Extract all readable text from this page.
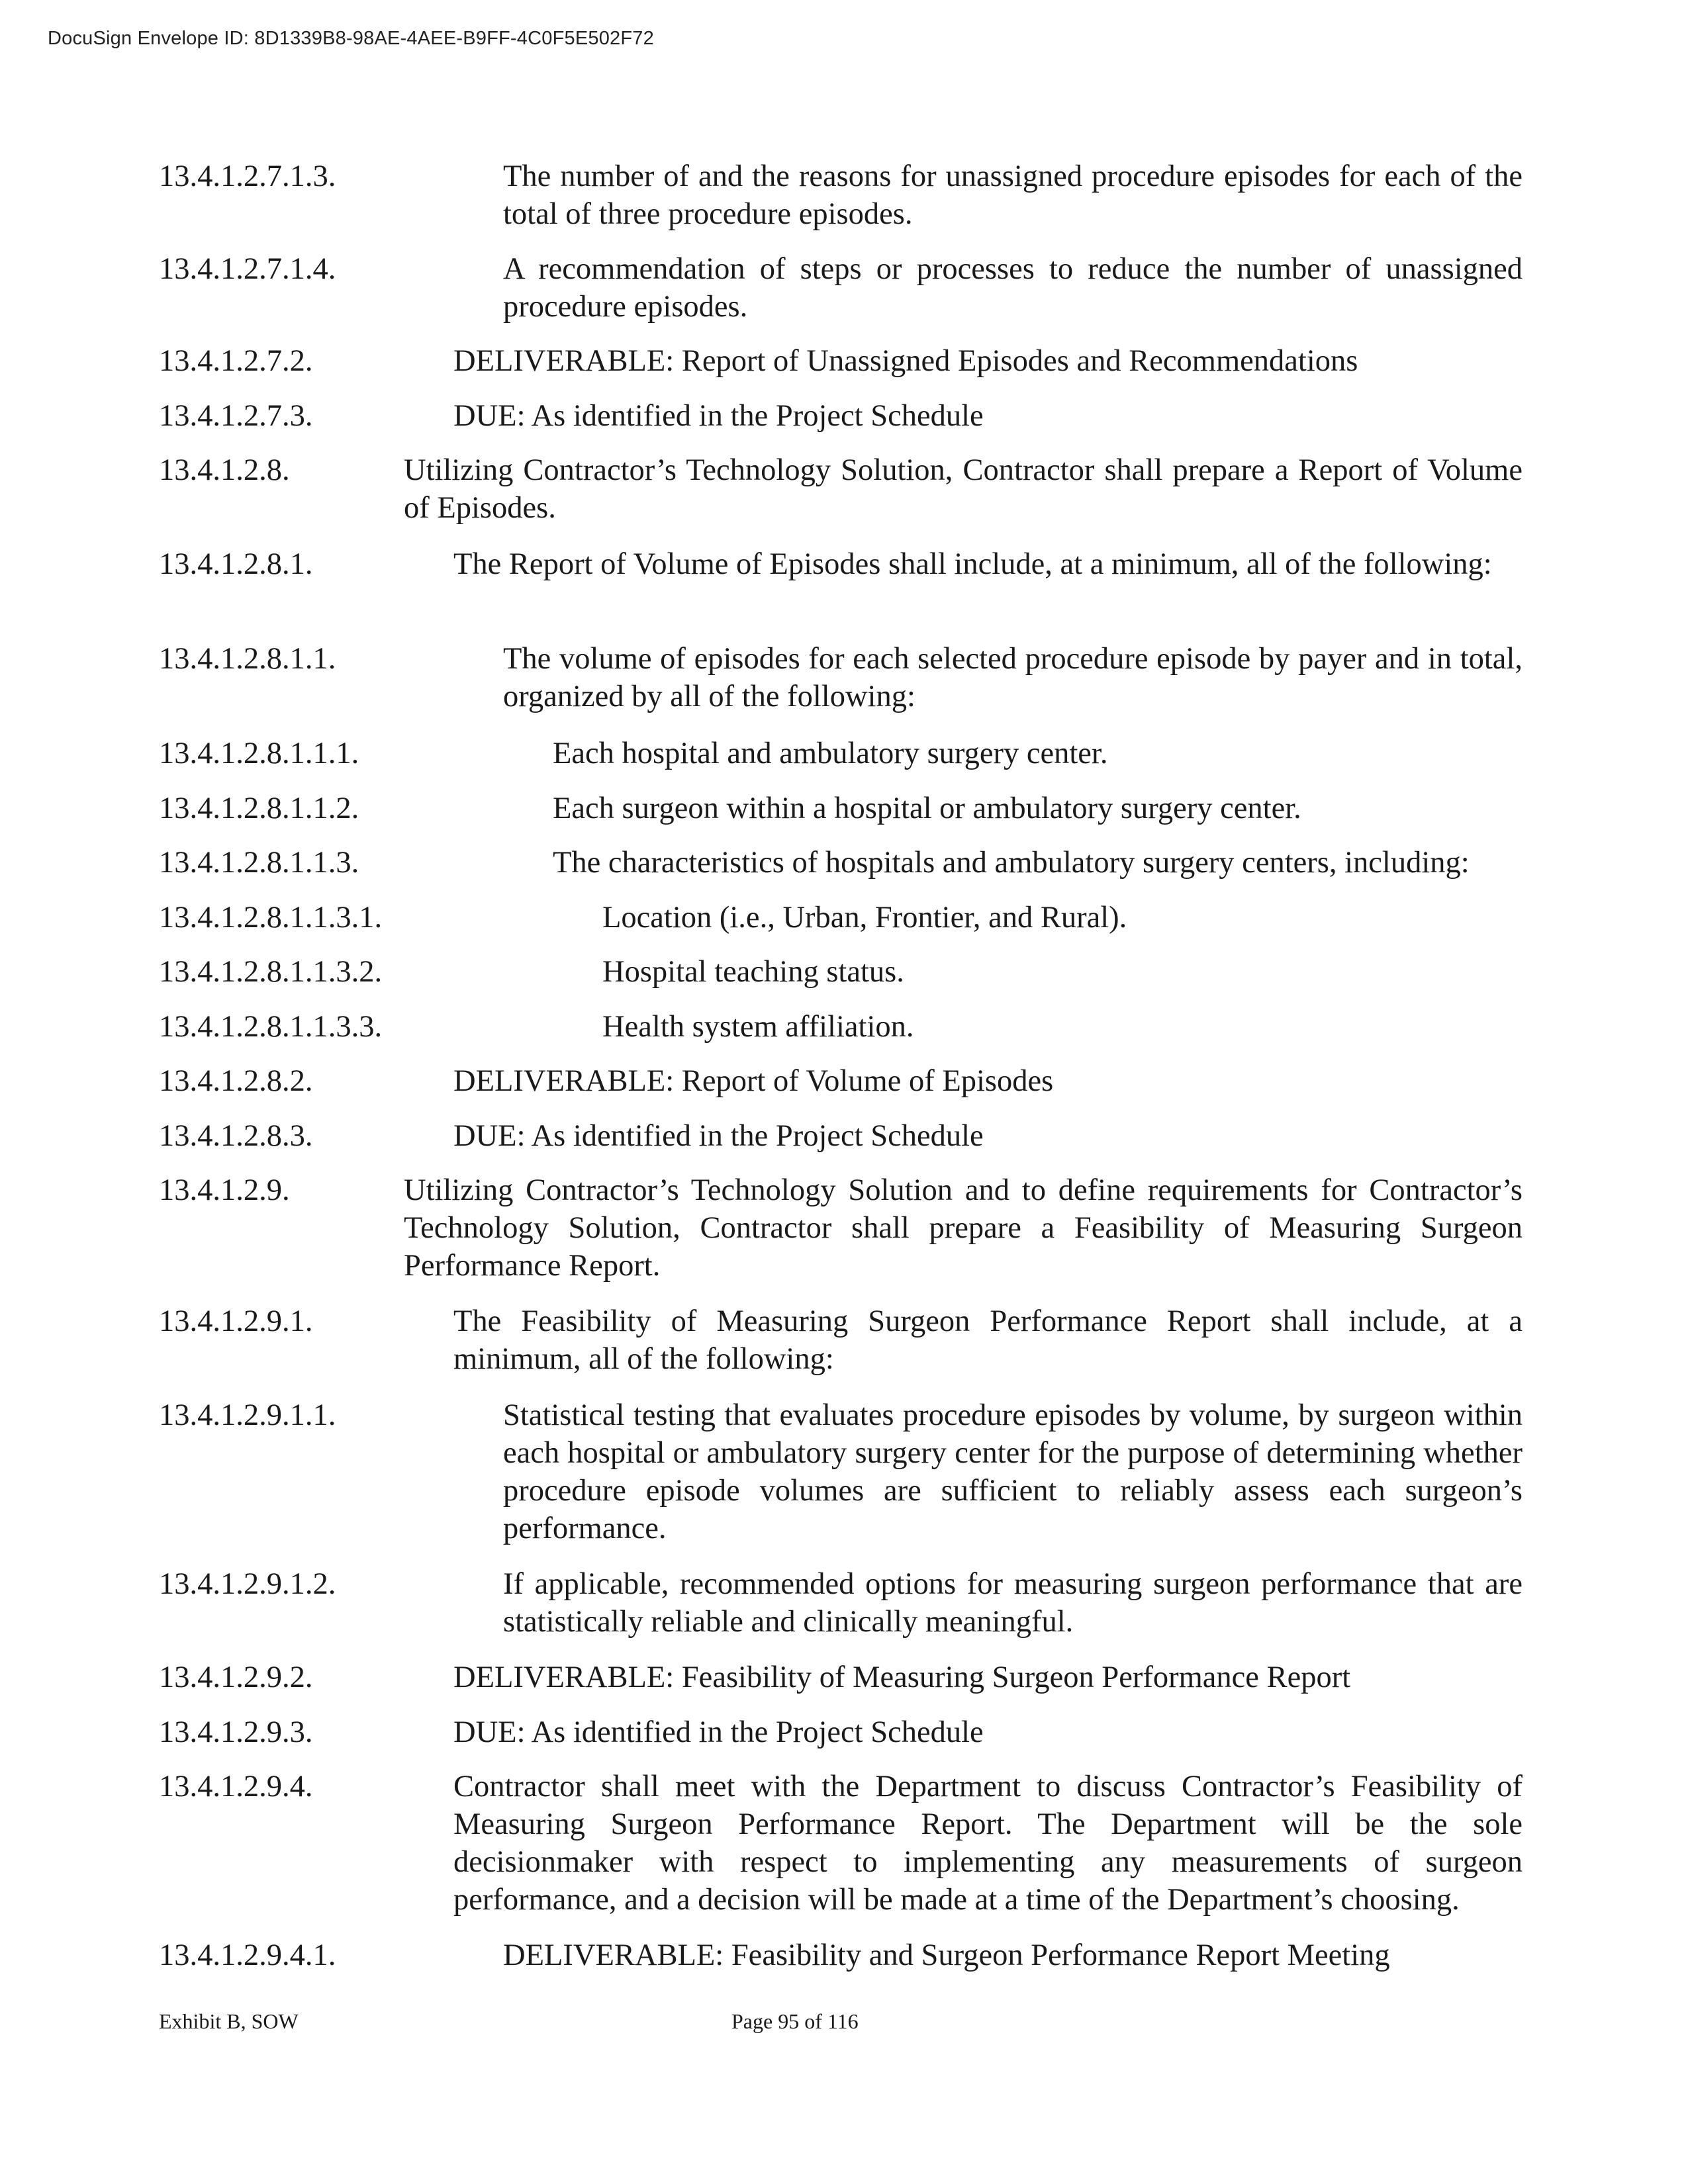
DocuSign Envelope ID: 8D1339B8-98AE-4AEE-B9FF-4C0F5E502F72
13.4.1.2.7.1.3.	The number of and the reasons for unassigned procedure episodes for each of the total of three procedure episodes.
13.4.1.2.7.1.4.	A recommendation of steps or processes to reduce the number of unassigned procedure episodes.
13.4.1.2.7.2.	DELIVERABLE: Report of Unassigned Episodes and Recommendations
13.4.1.2.7.3.	DUE: As identified in the Project Schedule
13.4.1.2.8.	Utilizing Contractor’s Technology Solution, Contractor shall prepare a Report of Volume of Episodes.
13.4.1.2.8.1.	The Report of Volume of Episodes shall include, at a minimum, all of the following:
13.4.1.2.8.1.1.	The volume of episodes for each selected procedure episode by payer and in total, organized by all of the following:
13.4.1.2.8.1.1.1.	Each hospital and ambulatory surgery center.
13.4.1.2.8.1.1.2.	Each surgeon within a hospital or ambulatory surgery center.
13.4.1.2.8.1.1.3.	The characteristics of hospitals and ambulatory surgery centers, including:
13.4.1.2.8.1.1.3.1.	Location (i.e., Urban, Frontier, and Rural).
13.4.1.2.8.1.1.3.2.	Hospital teaching status.
13.4.1.2.8.1.1.3.3.	Health system affiliation.
13.4.1.2.8.2.	DELIVERABLE: Report of Volume of Episodes
13.4.1.2.8.3.	DUE: As identified in the Project Schedule
13.4.1.2.9.	Utilizing Contractor’s Technology Solution and to define requirements for Contractor’s Technology Solution, Contractor shall prepare a Feasibility of Measuring Surgeon Performance Report.
13.4.1.2.9.1.	The Feasibility of Measuring Surgeon Performance Report shall include, at a minimum, all of the following:
13.4.1.2.9.1.1.	Statistical testing that evaluates procedure episodes by volume, by surgeon within each hospital or ambulatory surgery center for the purpose of determining whether procedure episode volumes are sufficient to reliably assess each surgeon’s performance.
13.4.1.2.9.1.2.	If applicable, recommended options for measuring surgeon performance that are statistically reliable and clinically meaningful.
13.4.1.2.9.2.	DELIVERABLE: Feasibility of Measuring Surgeon Performance Report
13.4.1.2.9.3.	DUE: As identified in the Project Schedule
13.4.1.2.9.4.	Contractor shall meet with the Department to discuss Contractor’s Feasibility of Measuring Surgeon Performance Report. The Department will be the sole decisionmaker with respect to implementing any measurements of surgeon performance, and a decision will be made at a time of the Department’s choosing.
13.4.1.2.9.4.1.	DELIVERABLE: Feasibility and Surgeon Performance Report Meeting
Exhibit B, SOW	Page 95 of 116
